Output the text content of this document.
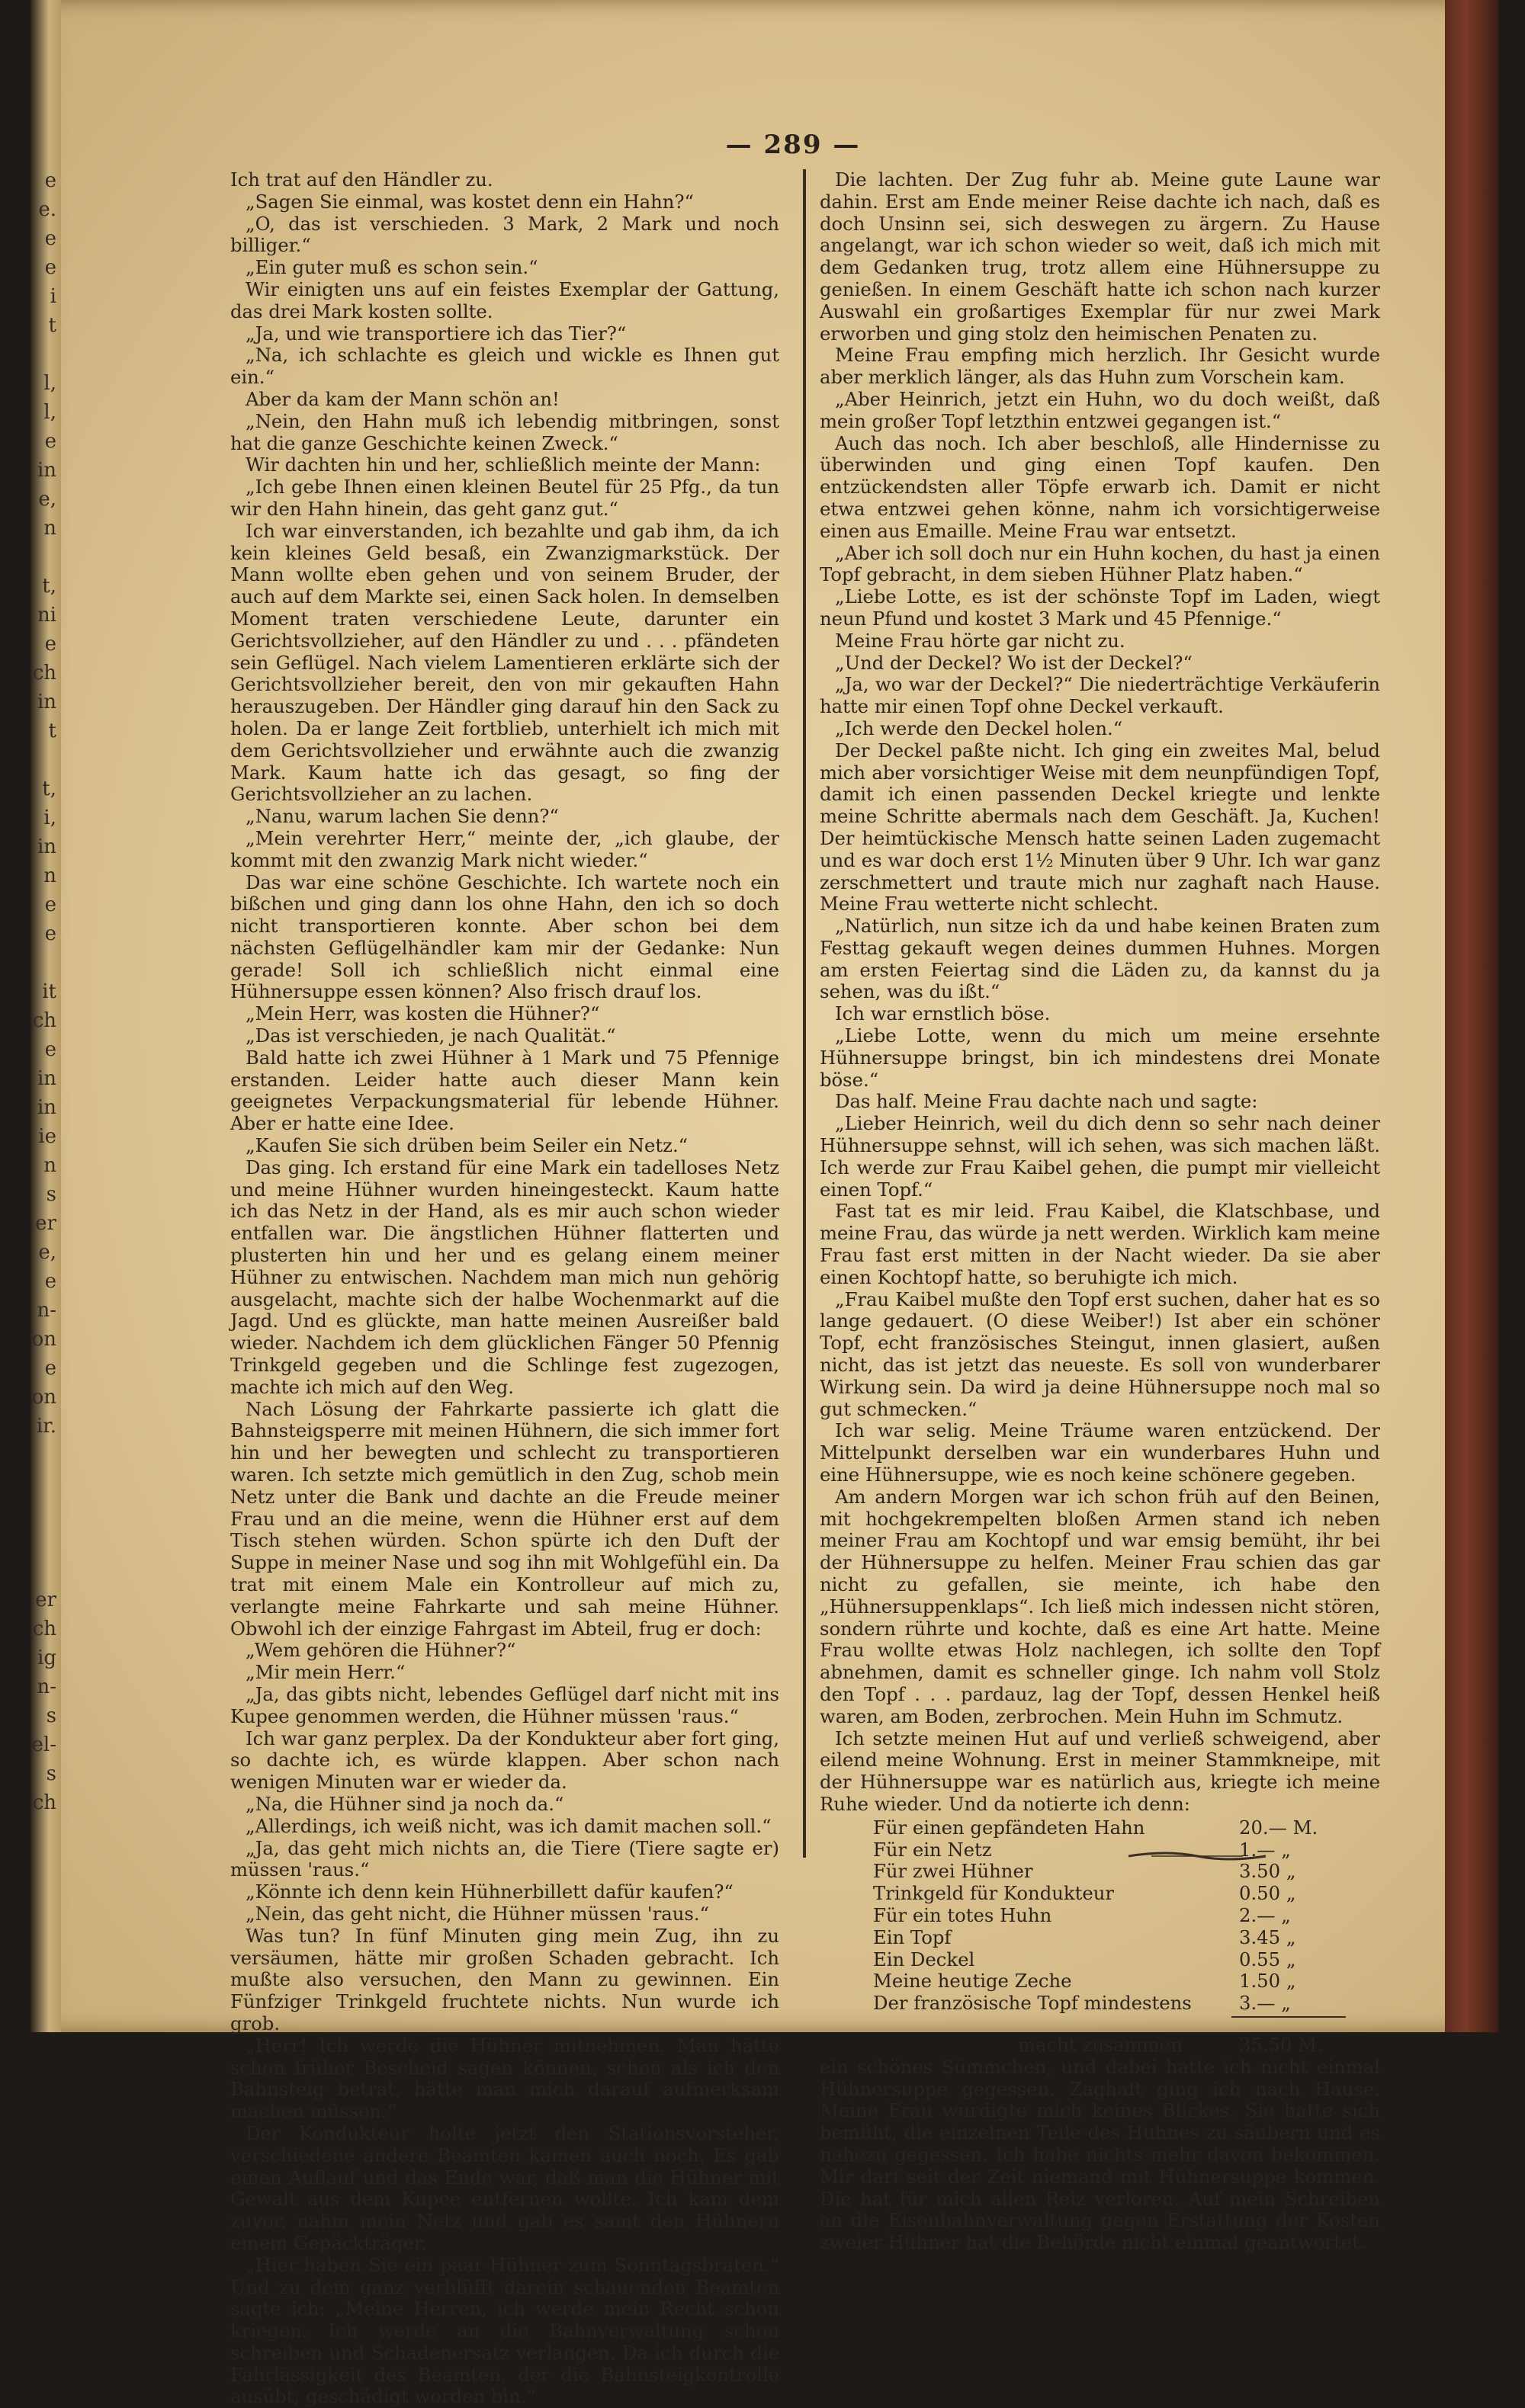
e
e.
e
e
i
t
l,
l,
e
in
e,
n
t,
ni
e
ch
in
t
t,
i,
in
n
e
e
it
ch
e
in
in
ie
n
s
er
e,
e
n-
on
e
on
ir.
er
ch
ig
n-
s
el-
s
ch
— 289 —

Ich trat auf den Händler zu.

„Sagen Sie einmal, was kostet denn ein Hahn?“

„O, das ist verschieden. 3 Mark, 2 Mark und noch billiger.“

„Ein guter muß es schon sein.“

Wir einigten uns auf ein feistes Exemplar der Gattung, das drei Mark kosten sollte.

„Ja, und wie transportiere ich das Tier?“

„Na, ich schlachte es gleich und wickle es Ihnen gut ein.“

Aber da kam der Mann schön an!

„Nein, den Hahn muß ich lebendig mitbringen, sonst hat die ganze Geschichte keinen Zweck.“

Wir dachten hin und her, schließlich meinte der Mann:

„Ich gebe Ihnen einen kleinen Beutel für 25 Pfg., da tun wir den Hahn hinein, das geht ganz gut.“

Ich war einverstanden, ich bezahlte und gab ihm, da ich kein kleines Geld besaß, ein Zwanzigmarkstück. Der Mann wollte eben gehen und von seinem Bruder, der auch auf dem Markte sei, einen Sack holen. In demselben Moment traten verschiedene Leute, darunter ein Gerichtsvollzieher, auf den Händler zu und . . . pfändeten sein Geflügel. Nach vielem Lamentieren erklärte sich der Gerichtsvollzieher bereit, den von mir gekauften Hahn herauszugeben. Der Händler ging darauf hin den Sack zu holen. Da er lange Zeit fortblieb, unterhielt ich mich mit dem Gerichtsvollzieher und erwähnte auch die zwanzig Mark. Kaum hatte ich das gesagt, so fing der Gerichtsvollzieher an zu lachen.

„Nanu, warum lachen Sie denn?“

„Mein verehrter Herr,“ meinte der, „ich glaube, der kommt mit den zwanzig Mark nicht wieder.“

Das war eine schöne Geschichte. Ich wartete noch ein bißchen und ging dann los ohne Hahn, den ich so doch nicht transportieren konnte. Aber schon bei dem nächsten Geflügelhändler kam mir der Gedanke: Nun gerade! Soll ich schließlich nicht einmal eine Hühnersuppe essen können? Also frisch drauf los.

„Mein Herr, was kosten die Hühner?“

„Das ist verschieden, je nach Qualität.“

Bald hatte ich zwei Hühner à 1 Mark und 75 Pfennige erstanden. Leider hatte auch dieser Mann kein geeignetes Verpackungsmaterial für lebende Hühner. Aber er hatte eine Idee.

„Kaufen Sie sich drüben beim Seiler ein Netz.“

Das ging. Ich erstand für eine Mark ein tadelloses Netz und meine Hühner wurden hineingesteckt. Kaum hatte ich das Netz in der Hand, als es mir auch schon wieder entfallen war. Die ängstlichen Hühner flatterten und plusterten hin und her und es gelang einem meiner Hühner zu entwischen. Nachdem man mich nun gehörig ausgelacht, machte sich der halbe Wochenmarkt auf die Jagd. Und es glückte, man hatte meinen Ausreißer bald wieder. Nachdem ich dem glücklichen Fänger 50 Pfennig Trinkgeld gegeben und die Schlinge fest zugezogen, machte ich mich auf den Weg.

Nach Lösung der Fahrkarte passierte ich glatt die Bahnsteigsperre mit meinen Hühnern, die sich immer fort hin und her bewegten und schlecht zu transportieren waren. Ich setzte mich gemütlich in den Zug, schob mein Netz unter die Bank und dachte an die Freude meiner Frau und an die meine, wenn die Hühner erst auf dem Tisch stehen würden. Schon spürte ich den Duft der Suppe in meiner Nase und sog ihn mit Wohlgefühl ein. Da trat mit einem Male ein Kontrolleur auf mich zu, verlangte meine Fahrkarte und sah meine Hühner. Obwohl ich der einzige Fahrgast im Abteil, frug er doch:

„Wem gehören die Hühner?“

„Mir mein Herr.“

„Ja, das gibts nicht, lebendes Geflügel darf nicht mit ins Kupee genommen werden, die Hühner müssen 'raus.“

Ich war ganz perplex. Da der Kondukteur aber fort ging, so dachte ich, es würde klappen. Aber schon nach wenigen Minuten war er wieder da.

„Na, die Hühner sind ja noch da.“

„Allerdings, ich weiß nicht, was ich damit machen soll.“

„Ja, das geht mich nichts an, die Tiere (Tiere sagte er) müssen 'raus.“

„Könnte ich denn kein Hühnerbillett dafür kaufen?“

„Nein, das geht nicht, die Hühner müssen 'raus.“

Was tun? In fünf Minuten ging mein Zug, ihn zu versäumen, hätte mir großen Schaden gebracht. Ich mußte also versuchen, den Mann zu gewinnen. Ein Fünfziger Trinkgeld fruchtete nichts. Nun wurde ich grob.

„Herr! Ich werde die Hühner mitnehmen. Man hätte schon früher Bescheid sagen können, schon als ich den Bahnsteig betrat, hätte man mich darauf aufmerksam machen müssen.“

Der Kondukteur holte jetzt den Stationsvorsteher, verschiedene andere Beamten kamen auch noch. Es gab einen Auflauf und das Ende war, daß man die Hühner mit Gewalt aus dem Kupee entfernen wollte. Ich kam dem zuvor, nahm mein Netz und gab es samt den Hühnern einem Gepäckträger.

„Hier haben Sie ein paar Hühner zum Sonntagsbraten.“ Und zu dem ganz verblüfft darein schauenden Beamten sagte ich: „Meine Herren, ich werde mein Recht schon kriegen. Ich werde an die Bahnverwaltung schon schreiben und Schadenersatz verlangen. Da ich durch die Fahrlässigkeit des Beamten, der die Bahnsteigkontrolle ausübt, geschädigt worden bin.“

Die lachten. Der Zug fuhr ab. Meine gute Laune war dahin. Erst am Ende meiner Reise dachte ich nach, daß es doch Unsinn sei, sich deswegen zu ärgern. Zu Hause angelangt, war ich schon wieder so weit, daß ich mich mit dem Gedanken trug, trotz allem eine Hühnersuppe zu genießen. In einem Geschäft hatte ich schon nach kurzer Auswahl ein großartiges Exemplar für nur zwei Mark erworben und ging stolz den heimischen Penaten zu.

Meine Frau empfing mich herzlich. Ihr Gesicht wurde aber merklich länger, als das Huhn zum Vorschein kam.

„Aber Heinrich, jetzt ein Huhn, wo du doch weißt, daß mein großer Topf letzthin entzwei gegangen ist.“

Auch das noch. Ich aber beschloß, alle Hindernisse zu überwinden und ging einen Topf kaufen. Den entzückendsten aller Töpfe erwarb ich. Damit er nicht etwa entzwei gehen könne, nahm ich vorsichtigerweise einen aus Emaille. Meine Frau war entsetzt.

„Aber ich soll doch nur ein Huhn kochen, du hast ja einen Topf gebracht, in dem sieben Hühner Platz haben.“

„Liebe Lotte, es ist der schönste Topf im Laden, wiegt neun Pfund und kostet 3 Mark und 45 Pfennige.“

Meine Frau hörte gar nicht zu.

„Und der Deckel? Wo ist der Deckel?“

„Ja, wo war der Deckel?“ Die niederträchtige Verkäuferin hatte mir einen Topf ohne Deckel verkauft.

„Ich werde den Deckel holen.“

Der Deckel paßte nicht. Ich ging ein zweites Mal, belud mich aber vorsichtiger Weise mit dem neunpfündigen Topf, damit ich einen passenden Deckel kriegte und lenkte meine Schritte abermals nach dem Geschäft. Ja, Kuchen! Der heimtückische Mensch hatte seinen Laden zugemacht und es war doch erst 1½ Minuten über 9 Uhr. Ich war ganz zerschmettert und traute mich nur zaghaft nach Hause. Meine Frau wetterte nicht schlecht.

„Natürlich, nun sitze ich da und habe keinen Braten zum Festtag gekauft wegen deines dummen Huhnes. Morgen am ersten Feiertag sind die Läden zu, da kannst du ja sehen, was du ißt.“

Ich war ernstlich böse.

„Liebe Lotte, wenn du mich um meine ersehnte Hühnersuppe bringst, bin ich mindestens drei Monate böse.“

Das half. Meine Frau dachte nach und sagte:

„Lieber Heinrich, weil du dich denn so sehr nach deiner Hühnersuppe sehnst, will ich sehen, was sich machen läßt. Ich werde zur Frau Kaibel gehen, die pumpt mir vielleicht einen Topf.“

Fast tat es mir leid. Frau Kaibel, die Klatschbase, und meine Frau, das würde ja nett werden. Wirklich kam meine Frau fast erst mitten in der Nacht wieder. Da sie aber einen Kochtopf hatte, so beruhigte ich mich.

„Frau Kaibel mußte den Topf erst suchen, daher hat es so lange gedauert. (O diese Weiber!) Ist aber ein schöner Topf, echt französisches Steingut, innen glasiert, außen nicht, das ist jetzt das neueste. Es soll von wunderbarer Wirkung sein. Da wird ja deine Hühnersuppe noch mal so gut schmecken.“

Ich war selig. Meine Träume waren entzückend. Der Mittelpunkt derselben war ein wunderbares Huhn und eine Hühnersuppe, wie es noch keine schönere gegeben.

Am andern Morgen war ich schon früh auf den Beinen, mit hochgekrempelten bloßen Armen stand ich neben meiner Frau am Kochtopf und war emsig bemüht, ihr bei der Hühnersuppe zu helfen. Meiner Frau schien das gar nicht zu gefallen, sie meinte, ich habe den „Hühnersuppenklaps“. Ich ließ mich indessen nicht stören, sondern rührte und kochte, daß es eine Art hatte. Meine Frau wollte etwas Holz nachlegen, ich sollte den Topf abnehmen, damit es schneller ginge. Ich nahm voll Stolz den Topf . . . pardauz, lag der Topf, dessen Henkel heiß waren, am Boden, zerbrochen. Mein Huhn im Schmutz.

Ich setzte meinen Hut auf und verließ schweigend, aber eilend meine Wohnung. Erst in meiner Stammkneipe, mit der Hühnersuppe war es natürlich aus, kriegte ich meine Ruhe wieder. Und da notierte ich denn:

Für einen gepfändeten Hahn	20.— M.
Für ein Netz	1.— „
Für zwei Hühner	3.50 „
Trinkgeld für Kondukteur	0.50 „
Für ein totes Huhn	2.— „
Ein Topf	3.45 „
Ein Deckel	0.55 „
Meine heutige Zeche	1.50 „
Der französische Topf mindestens	3.— „
macht zusammen	35.50 M.

ein schönes Sümmchen, und dabei hatte ich nicht einmal Hühnersuppe gegessen. Zaghaft ging ich nach Hause. Meine Frau würdigte mich keines Blickes. Sie hatte sich bemüht, die einzelnen Teile des Huhnes zu säubern und es nahezu gegessen. Ich habe nichts mehr davon bekommen. Mir darf seit der Zeit niemand mit Hühnersuppe kommen. Die hat für mich allen Reiz verloren. Auf mein Schreiben an die Eisenbahnverwaltung gegen Erstattung der Kosten zweier Hühner hat die Behörde nicht einmal geantwortet.
